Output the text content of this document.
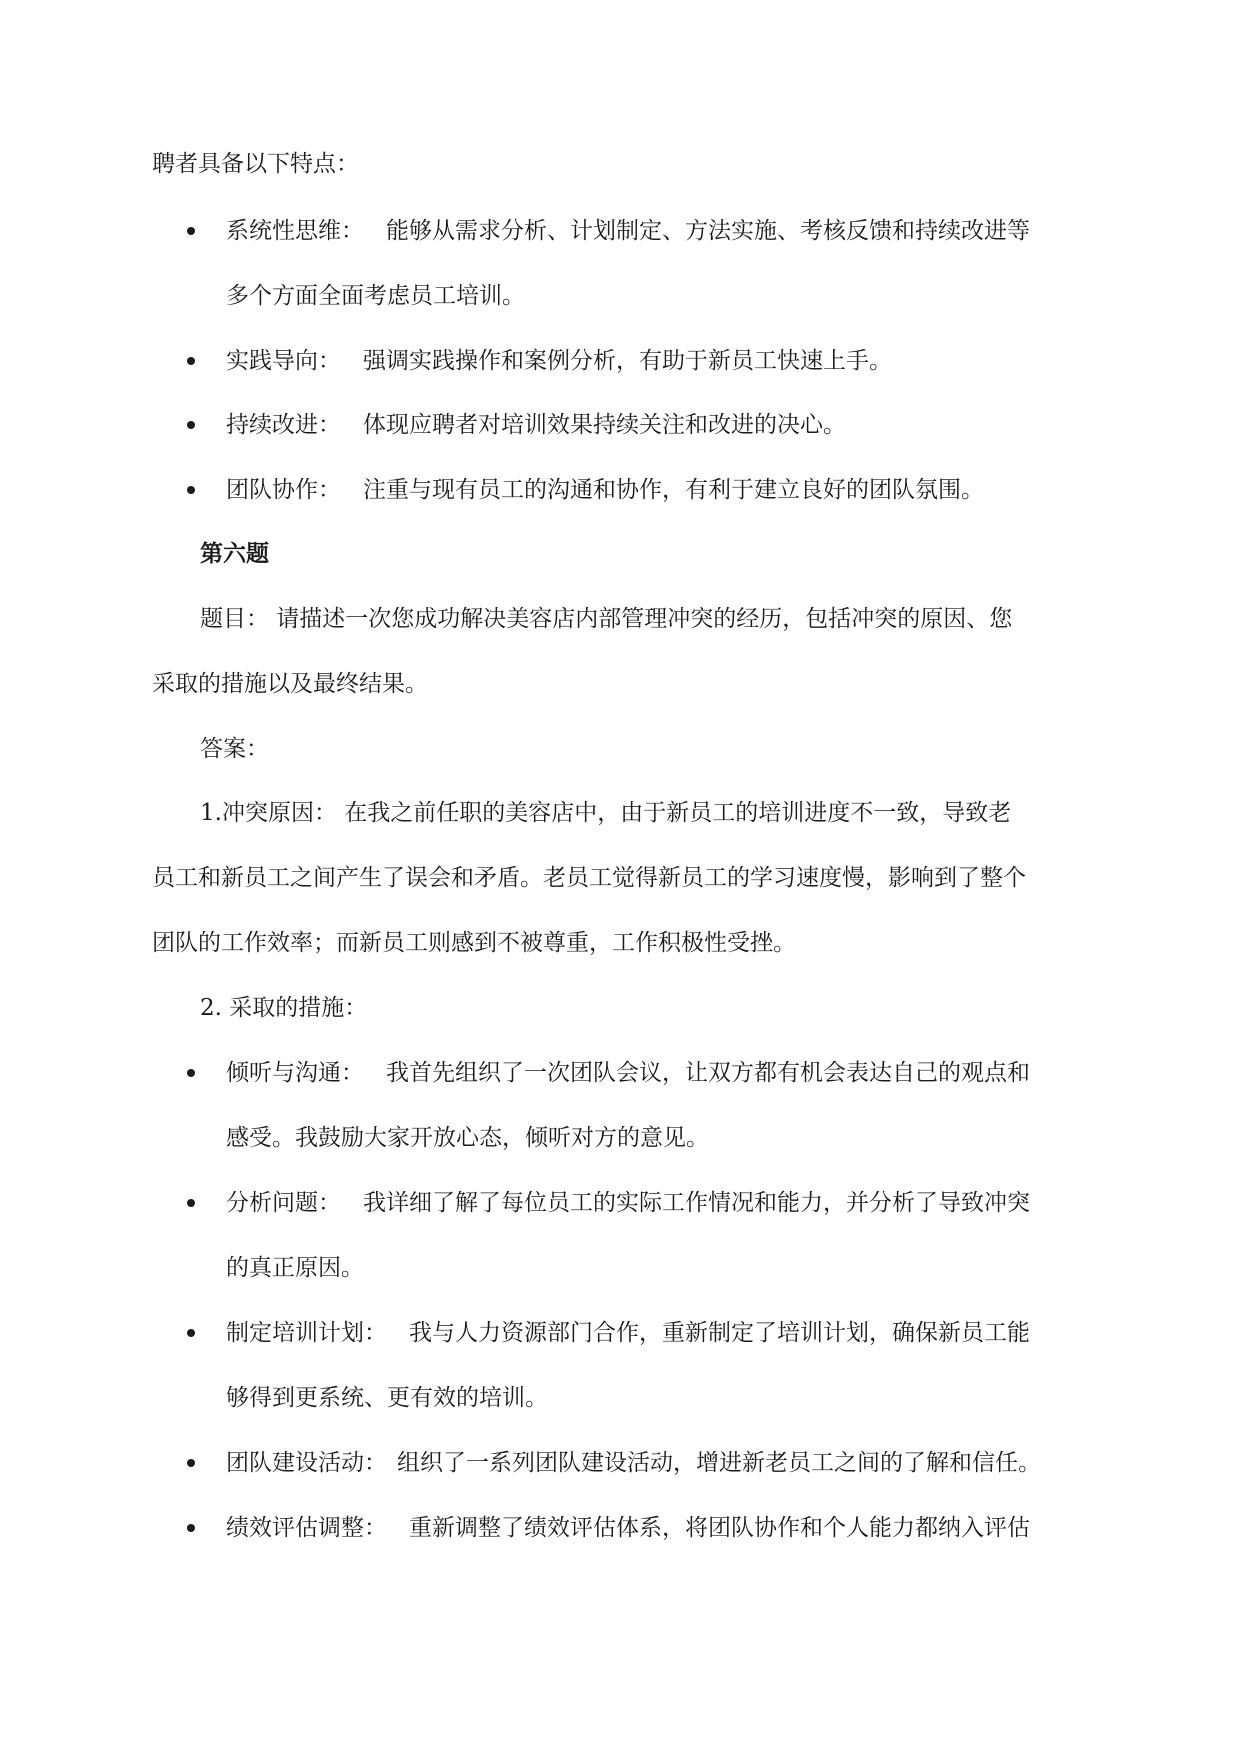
聘者具备以下特点：
系统性思维： 能够从需求分析、计划制定、方法实施、考核反馈和持续改进等
多个方面全面考虑员工培训。
实践导向： 强调实践操作和案例分析，有助于新员工快速上手。
持续改进： 体现应聘者对培训效果持续关注和改进的决心。
团队协作： 注重与现有员工的沟通和协作，有利于建立良好的团队氛围。
第六题
题目： 请描述一次您成功解决美容店内部管理冲突的经历，包括冲突的原因、您
采取的措施以及最终结果。
答案：
1.冲突原因： 在我之前任职的美容店中，由于新员工的培训进度不一致，导致老
员工和新员工之间产生了误会和矛盾。老员工觉得新员工的学习速度慢，影响到了整个
团队的工作效率；而新员工则感到不被尊重，工作积极性受挫。
2. 采取的措施：
倾听与沟通： 我首先组织了一次团队会议，让双方都有机会表达自己的观点和
感受。我鼓励大家开放心态，倾听对方的意见。
分析问题： 我详细了解了每位员工的实际工作情况和能力，并分析了导致冲突
的真正原因。
制定培训计划： 我与人力资源部门合作，重新制定了培训计划，确保新员工能
够得到更系统、更有效的培训。
团队建设活动： 组织了一系列团队建设活动，增进新老员工之间的了解和信任。
绩效评估调整： 重新调整了绩效评估体系，将团队协作和个人能力都纳入评估
